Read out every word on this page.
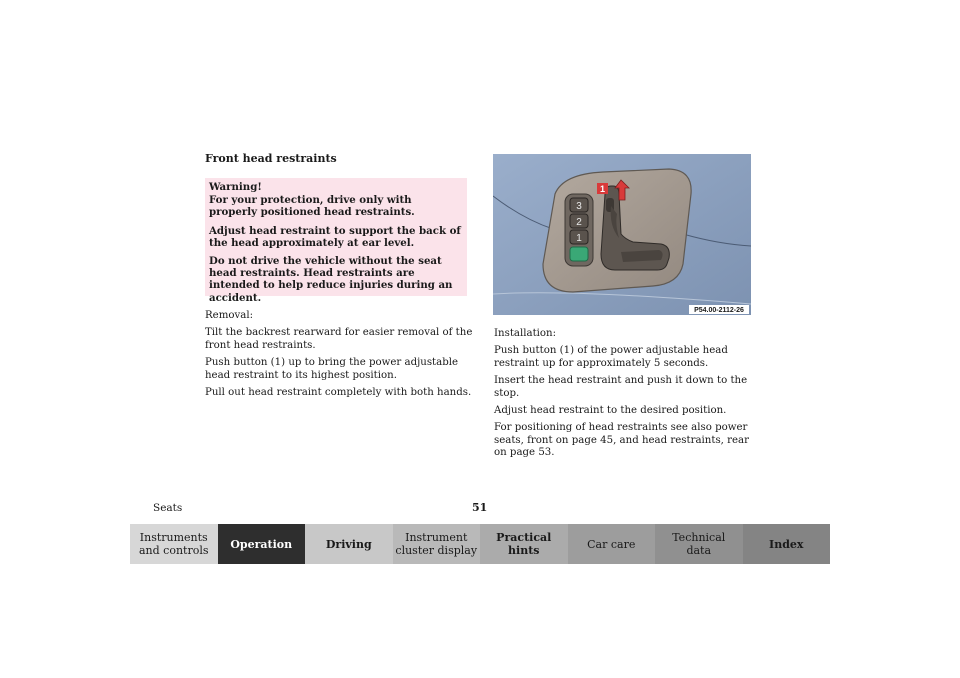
Front head restraints

Warning!

For your protection, drive only with properly positioned head restraints.

Adjust head restraint to support the back of the head approximately at ear level.

Do not drive the vehicle without the seat head restraints. Head restraints are intended to help reduce injuries during an accident.

Removal:

Tilt the backrest rearward for easier removal of the front head restraints.

Push button (1) up to bring the power adjustable head restraint to its highest position.

Pull out head restraint completely with both hands.

Installation:

Push button (1) of the power adjustable head restraint up for approximately 5 seconds.

Insert the head restraint and push it down to the stop.

Adjust head restraint to the desired position.

For positioning of head restraints see also power seats, front on page 45, and head restraints, rear on page 53.

3
2
1
1
P54.00-2112-26
Seats	51
Instruments
and controls	Operation	Driving	Instrument
cluster display
Practical hints	Car care	Technical
data	Index
